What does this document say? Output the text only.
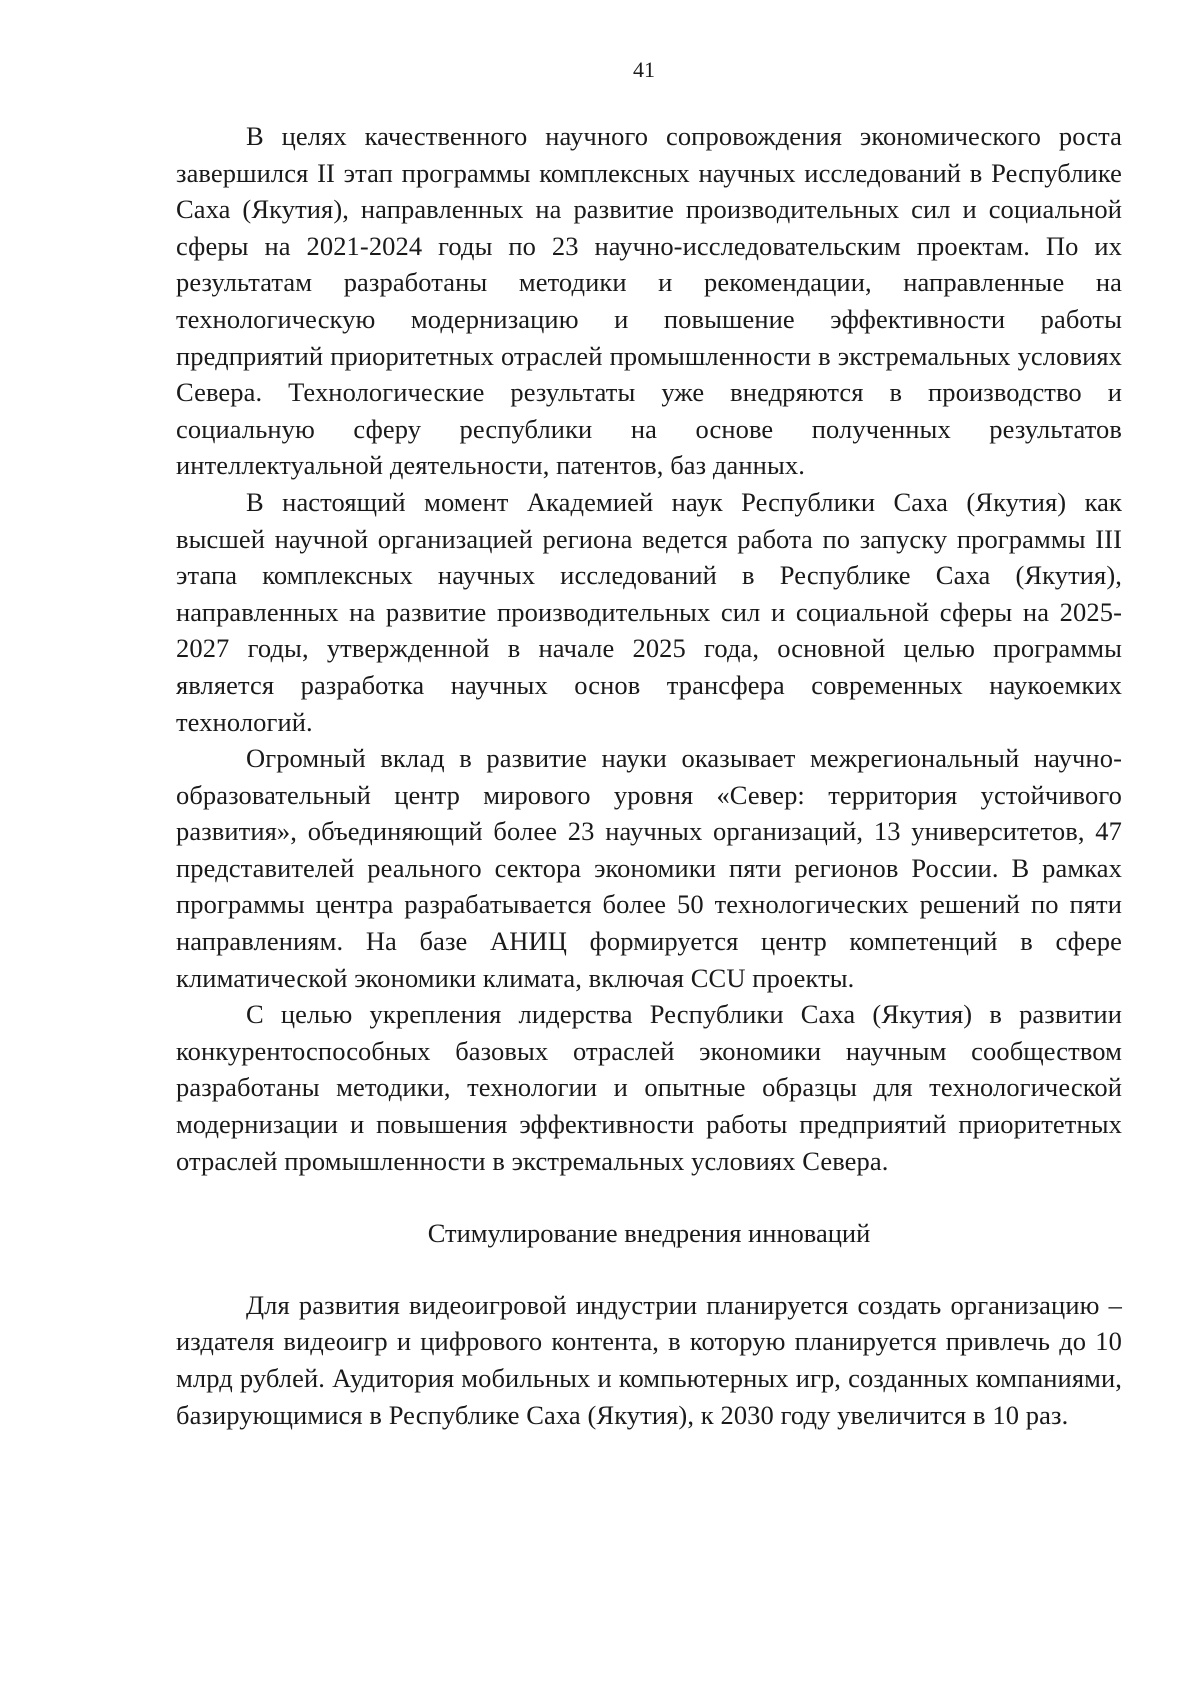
41

В целях качественного научного сопровождения экономического роста завершился II этап программы комплексных научных исследований в Республике Саха (Якутия), направленных на развитие производительных сил и социальной сферы на 2021-2024 годы по 23 научно-исследовательским проектам. По их результатам разработаны методики и рекомендации, направленные на технологическую модернизацию и повышение эффективности работы предприятий приоритетных отраслей промышленности в экстремальных условиях Севера. Технологические результаты уже внедряются в производство и социальную сферу республики на основе полученных результатов интеллектуальной деятельности, патентов, баз данных.

В настоящий момент Академией наук Республики Саха (Якутия) как высшей научной организацией региона ведется работа по запуску программы III этапа комплексных научных исследований в Республике Саха (Якутия), направленных на развитие производительных сил и социальной сферы на 2025-2027 годы, утвержденной в начале 2025 года, основной целью программы является разработка научных основ трансфера современных наукоемких технологий.

Огромный вклад в развитие науки оказывает межрегиональный научно-образовательный центр мирового уровня «Север: территория устойчивого развития», объединяющий более 23 научных организаций, 13 университетов, 47 представителей реального сектора экономики пяти регионов России. В рамках программы центра разрабатывается более 50 технологических решений по пяти направлениям. На базе АНИЦ формируется центр компетенций в сфере климатической экономики климата, включая CCU проекты.

С целью укрепления лидерства Республики Саха (Якутия) в развитии конкурентоспособных базовых отраслей экономики научным сообществом разработаны методики, технологии и опытные образцы для технологической модернизации и повышения эффективности работы предприятий приоритетных отраслей промышленности в экстремальных условиях Севера.

Стимулирование внедрения инноваций

Для развития видеоигровой индустрии планируется создать организацию – издателя видеоигр и цифрового контента, в которую планируется привлечь до 10 млрд рублей. Аудитория мобильных и компьютерных игр, созданных компаниями, базирующимися в Республике Саха (Якутия), к 2030 году увеличится в 10 раз.
